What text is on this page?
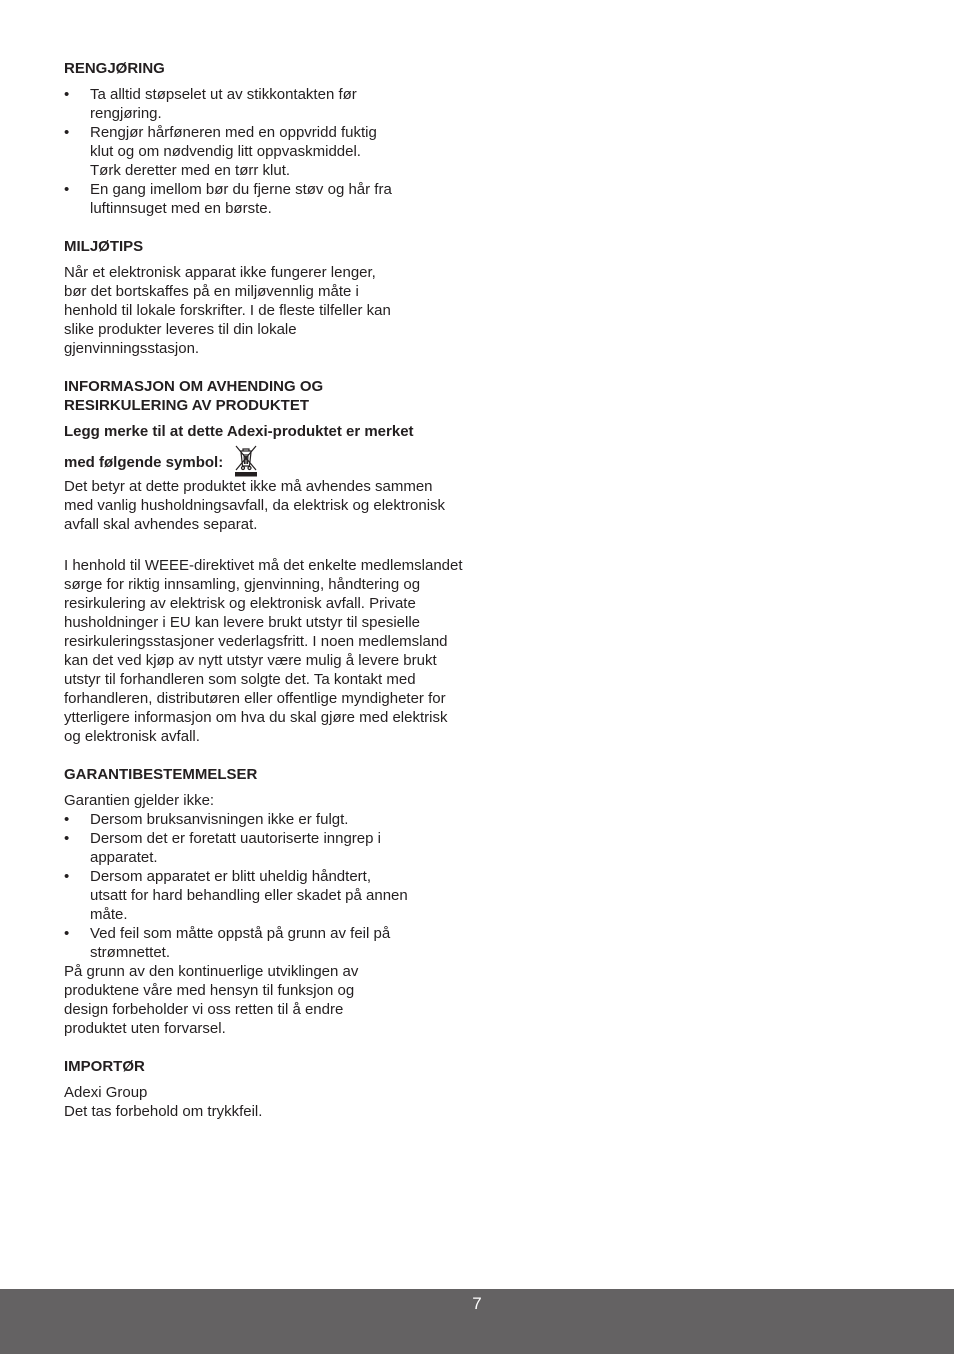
RENGJØRING
• Ta alltid støpselet ut av stikkontakten før rengjøring.
• Rengjør hårføneren med en oppvridd fuktig klut og om nødvendig litt oppvaskmiddel. Tørk deretter med en tørr klut.
• En gang imellom bør du fjerne støv og hår fra luftinnsuget med en børste.
MILJØTIPS

Når et elektronisk apparat ikke fungerer lenger, bør det bortskaffes på en miljøvennlig måte i henhold til lokale forskrifter. I de fleste tilfeller kan slike produkter leveres til din lokale gjenvinningsstasjon.

INFORMASJON OM AVHENDING OG
RESIRKULERING AV PRODUKTET

Legg merke til at dette Adexi-produktet er merket

med følgende symbol:

Det betyr at dette produktet ikke må avhendes sammen med vanlig husholdningsavfall, da elektrisk og elektronisk avfall skal avhendes separat.

I henhold til WEEE-direktivet må det enkelte medlemslandet sørge for riktig innsamling, gjenvinning, håndtering og resirkulering av elektrisk og elektronisk avfall. Private husholdninger i EU kan levere brukt utstyr til spesielle resirkuleringsstasjoner vederlagsfritt. I noen medlemsland kan det ved kjøp av nytt utstyr være mulig å levere brukt utstyr til forhandleren som solgte det. Ta kontakt med forhandleren, distributøren eller offentlige myndigheter for ytterligere informasjon om hva du skal gjøre med elektrisk og elektronisk avfall.

GARANTIBESTEMMELSER

Garantien gjelder ikke:

• Dersom bruksanvisningen ikke er fulgt.
• Dersom det er foretatt uautoriserte inngrep i apparatet.
• Dersom apparatet er blitt uheldig håndtert, utsatt for hard behandling eller skadet på annen måte.
• Ved feil som måtte oppstå på grunn av feil på strømnettet.

På grunn av den kontinuerlige utviklingen av produktene våre med hensyn til funksjon og design forbeholder vi oss retten til å endre produktet uten forvarsel.

IMPORTØR

Adexi Group

Det tas forbehold om trykkfeil.

7
